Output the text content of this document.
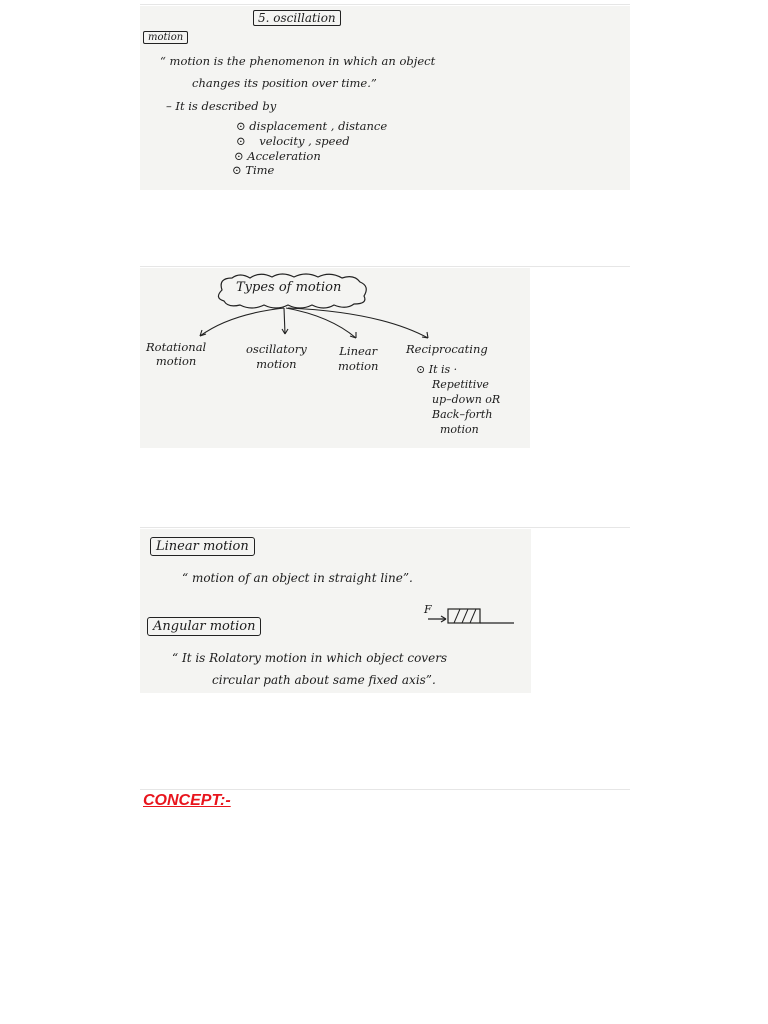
5. oscillation
motion
“ motion is the phenomenon in which an object
changes its position over time.”
– It is described by
⊙ displacement , distance
⊙ velocity , speed
⊙ Acceleration
⊙ Time
Types of motion
Rotational
motion
oscillatory
motion
Linear
motion
Reciprocating
⊙ It is ·
Repetitive
up–down oR
Back–forth
motion
Linear motion
“ motion of an object in straight line”.
F
Angular motion
“ It is Rolatory motion in which object covers
circular path about same fixed axis”.
CONCEPT:-
